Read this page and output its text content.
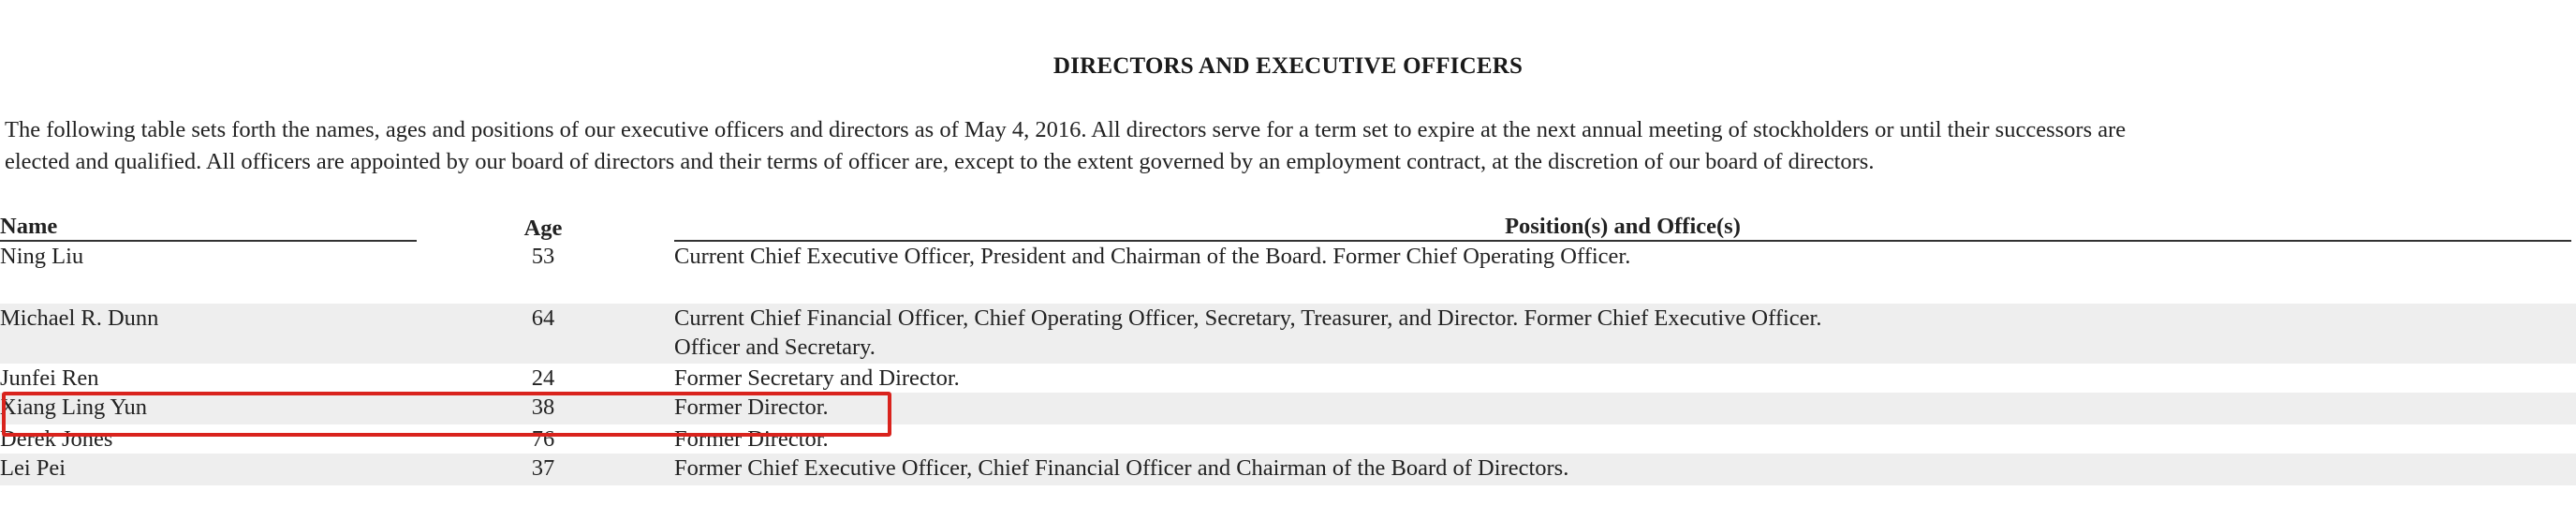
DIRECTORS AND EXECUTIVE OFFICERS

The following table sets forth the names, ages and positions of our executive officers and directors as of May 4, 2016. All directors serve for a term set to expire at the next annual meeting of stockholders or until their successors are

elected and qualified. All officers are appointed by our board of directors and their terms of officer are, except to the extent governed by an employment contract, at the discretion of our board of directors.

Name	Age		Position(s) and Office(s)

Ning Liu	53		Current Chief Executive Officer, President and Chairman of the Board. Former Chief Operating Officer.

Michael R. Dunn	64		Current Chief Financial Officer, Chief Operating Officer, Secretary, Treasurer, and Director. Former Chief Executive Officer.
Officer and Secretary.

Junfei Ren	24		Former Secretary and Director.

Xiang Ling Yun	38		Former Director.

Derek Jones	76		Former Director.

Lei Pei	37		Former Chief Executive Officer, Chief Financial Officer and Chairman of the Board of Directors.
